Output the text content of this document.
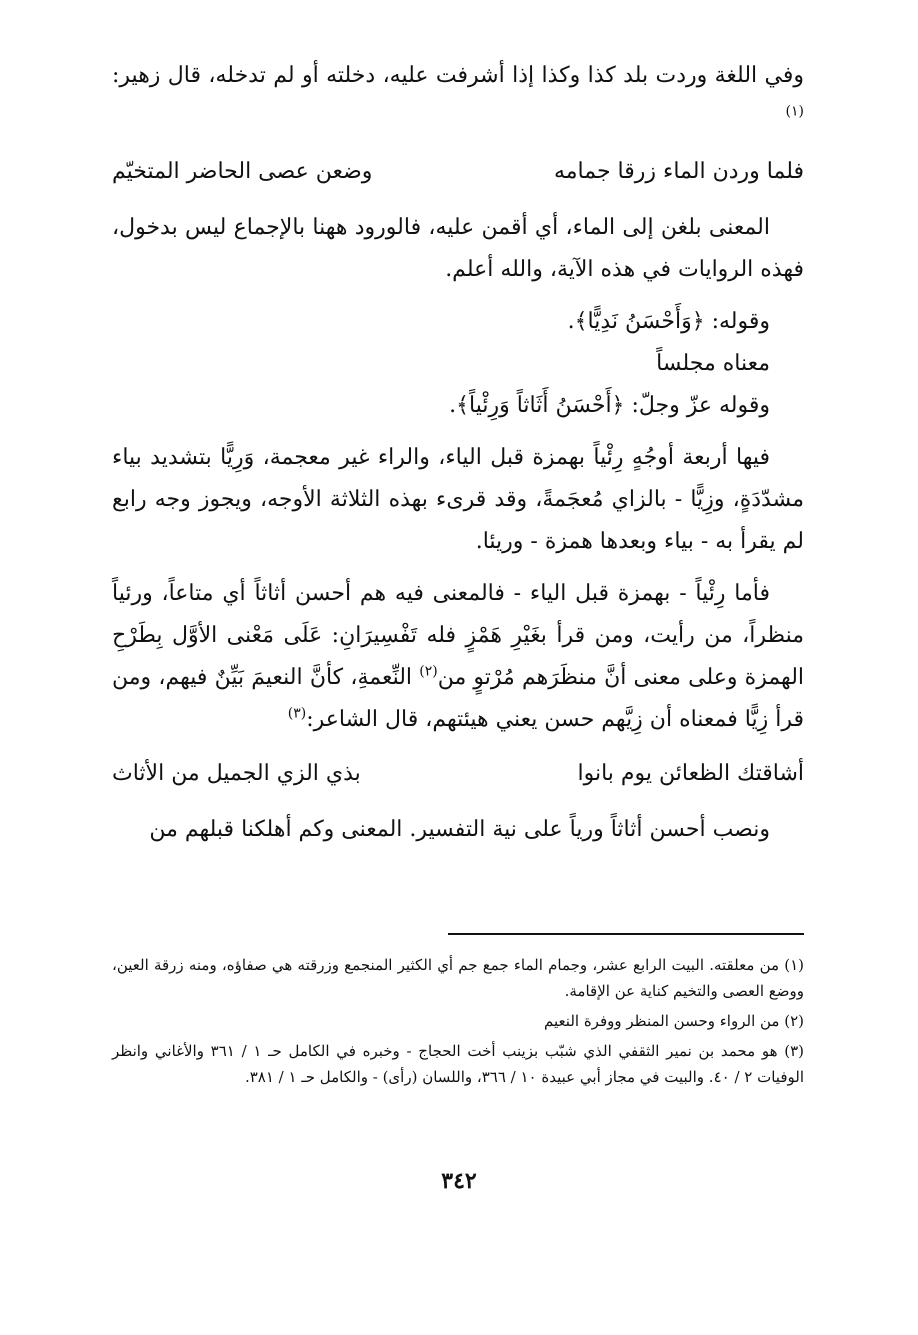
وفي اللغة وردت بلد كذا وكذا إذا أشرفت عليه، دخلته أو لم تدخله، قال زهير: $^{(١)}$

فلما وردن الماء زرقا جمامه
وضعن عصى الحاضر المتخيّم

المعنى بلغن إلى الماء، أي أقمن عليه، فالورود ههنا بالإجماع ليس بدخول، فهذه الروايات في هذه الآية، والله أعلم.

وقوله: ﴿وَأَحْسَنُ نَدِيًّا﴾.

معناه مجلساً

وقوله عزّ وجلّ: ﴿أَحْسَنُ أَثَاثاً وَرِئْياً﴾.

فيها أربعة أوجُهٍ رِئْياً بهمزة قبل الياء، والراء غير معجمة، وَرِيًّا بتشديد بياء مشدّدَةٍ، وزِيًّا - بالزاي مُعجَمةً، وقد قرىء بهذه الثلاثة الأوجه، ويجوز وجه رابع لم يقرأ به - بياء وبعدها همزة - وريئا.

فأما رِئْياً - بهمزة قبل الياء - فالمعنى فيه هم أحسن أثاثاً أي متاعاً، ورئياً منظراً، من رأيت، ومن قرأ بغَيْرِ هَمْزٍ فله تَفْسِيرَانِ: عَلَى مَعْنى الأوَّل بِطَرْحِ الهمزة وعلى معنى أنَّ منظَرَهم مُرْتوٍ من$^{(٢)}$ النِّعمةِ، كأنَّ النعيمَ بَيِّنٌ فيهم، ومن قرأ زِيًّا فمعناه أن زِيَّهم حسن يعني هيئتهم، قال الشاعر:$^{(٣)}$

أشاقتك الظعائن يوم بانوا
بذي الزي الجميل من الأثاث

ونصب أحسن أثاثاً ورياً على نية التفسير. المعنى وكم أهلكنا قبلهم من

(١) من معلقته. البيت الرابع عشر، وجمام الماء جمع جم أي الكثير المنجمع وزرقته هي صفاؤه، ومنه زرقة العين، ووضع العصى والتخيم كناية عن الإقامة.

(٢) من الرواء وحسن المنظر ووفرة النعيم

(٣) هو محمد بن نمير الثقفي الذي شبّب بزينب أخت الحجاج - وخبره في الكامل حـ ١ / ٣٦١ والأغاني وانظر الوفيات ٢ / ٤٠. والبيت في مجاز أبي عبيدة ١٠ / ٣٦٦، واللسان (رأى) - والكامل حـ ١ / ٣٨١.

٣٤٢
